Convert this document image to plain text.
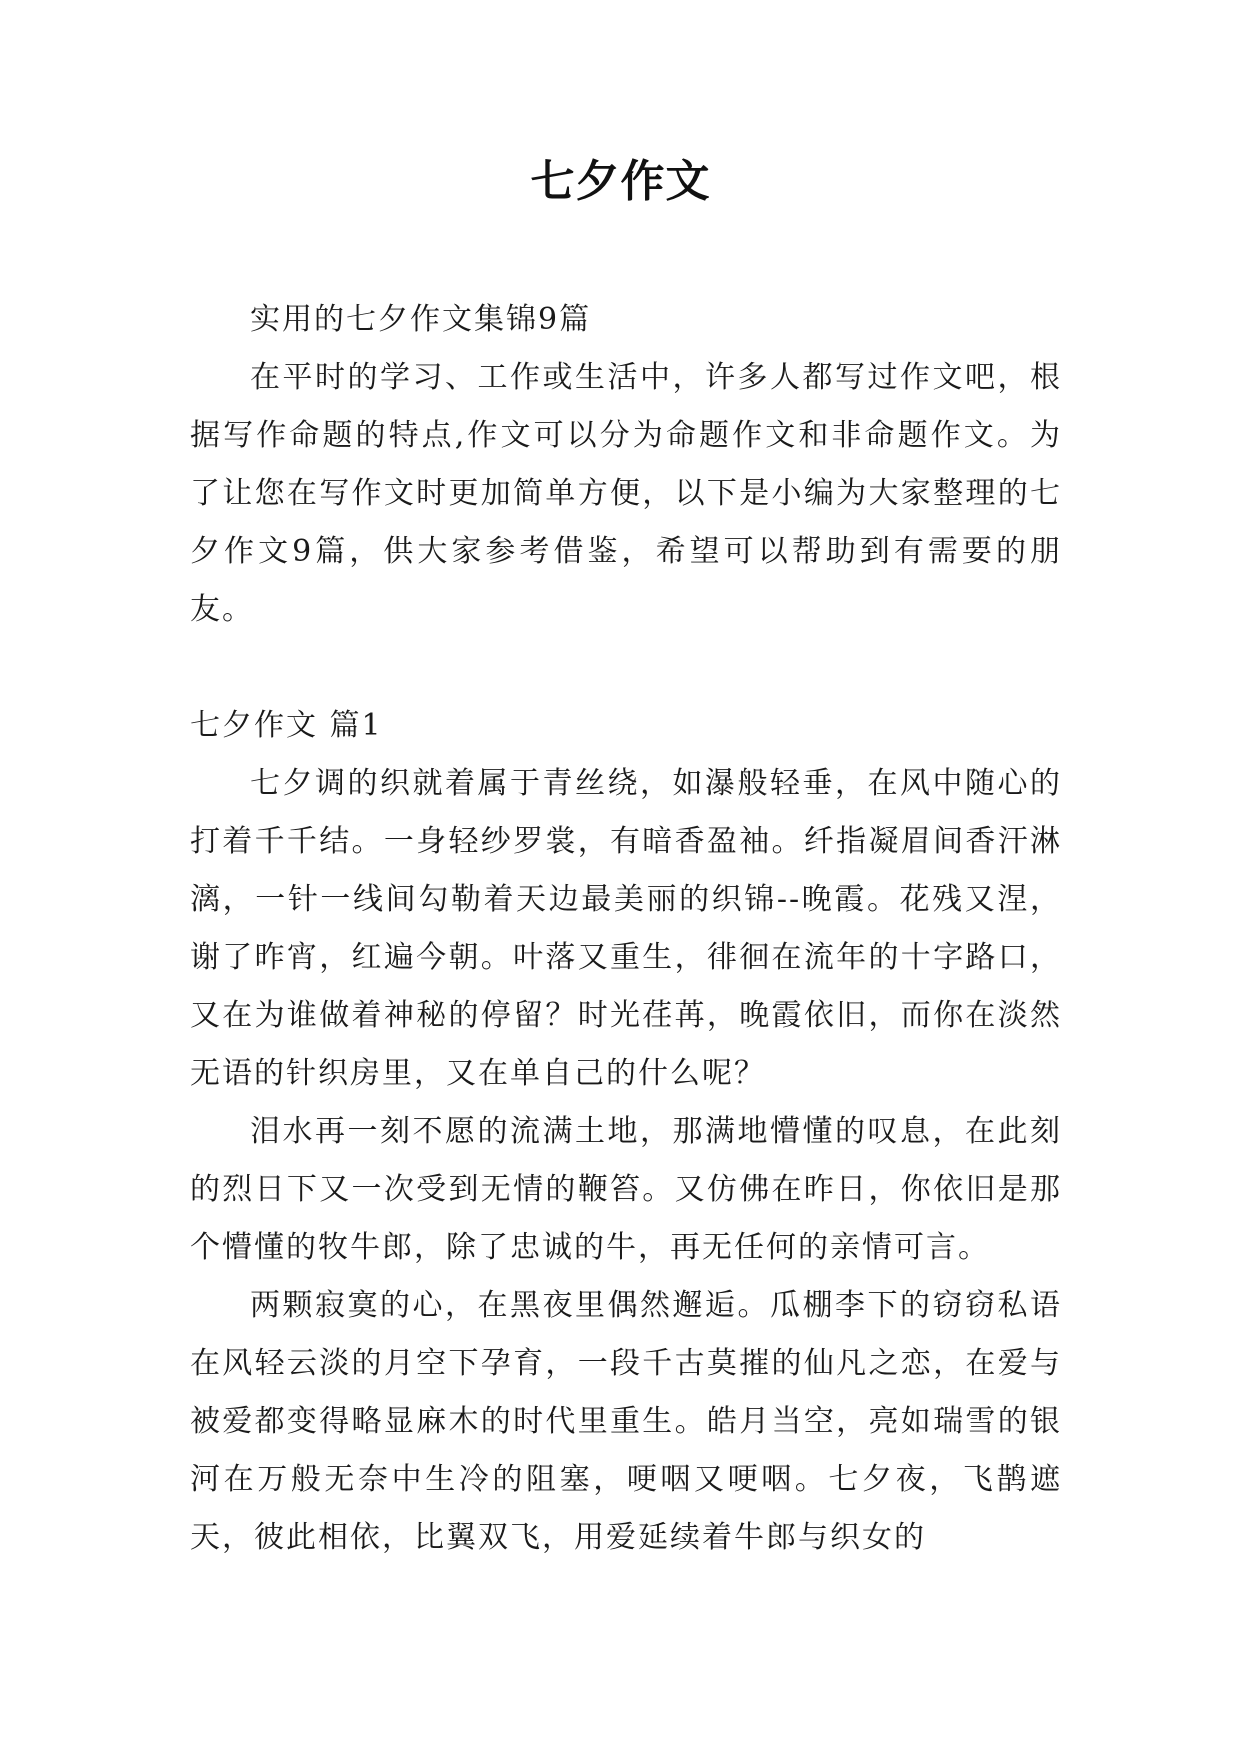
七夕作文

实用的七夕作文集锦9篇

在平时的学习、工作或生活中，许多人都写过作文吧，根据写作命题的特点,作文可以分为命题作文和非命题作文。为了让您在写作文时更加简单方便，以下是小编为大家整理的七夕作文9篇，供大家参考借鉴，希望可以帮助到有需要的朋友。

七夕作文 篇1

七夕调的织就着属于青丝绕，如瀑般轻垂，在风中随心的打着千千结。一身轻纱罗裳，有暗香盈袖。纤指凝眉间香汗淋漓，一针一线间勾勒着天边最美丽的织锦--晚霞。花残又涅，谢了昨宵，红遍今朝。叶落又重生，徘徊在流年的十字路口，又在为谁做着神秘的停留？时光荏苒，晚霞依旧，而你在淡然无语的针织房里，又在单自己的什么呢？

泪水再一刻不愿的流满土地，那满地懵懂的叹息，在此刻的烈日下又一次受到无情的鞭笞。又仿佛在昨日，你依旧是那个懵懂的牧牛郎，除了忠诚的牛，再无任何的亲情可言。

两颗寂寞的心，在黑夜里偶然邂逅。瓜棚李下的窃窃私语在风轻云淡的月空下孕育，一段千古莫摧的仙凡之恋，在爱与被爱都变得略显麻木的时代里重生。皓月当空，亮如瑞雪的银河在万般无奈中生冷的阻塞，哽咽又哽咽。七夕夜，飞鹊遮天，彼此相依，比翼双飞，用爱延续着牛郎与织女的
